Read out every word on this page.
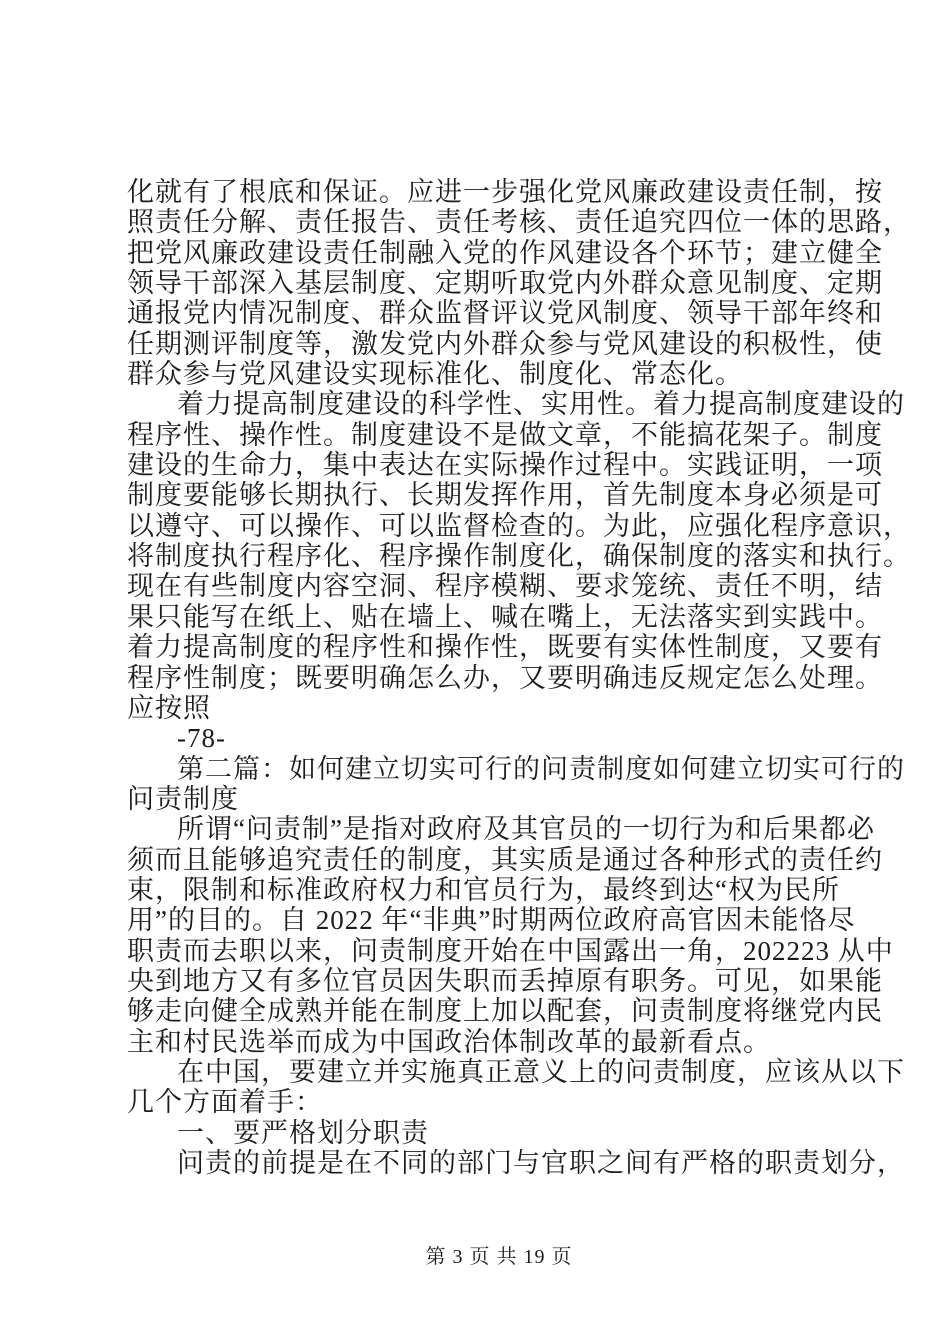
化就有了根底和保证。应进一步强化党风廉政建设责任制，按
照责任分解、责任报告、责任考核、责任追究四位一体的思路，
把党风廉政建设责任制融入党的作风建设各个环节；建立健全
领导干部深入基层制度、定期听取党内外群众意见制度、定期
通报党内情况制度、群众监督评议党风制度、领导干部年终和
任期测评制度等，激发党内外群众参与党风建设的积极性，使
群众参与党风建设实现标准化、制度化、常态化。
着力提高制度建设的科学性、实用性。着力提高制度建设的
程序性、操作性。制度建设不是做文章，不能搞花架子。制度
建设的生命力，集中表达在实际操作过程中。实践证明，一项
制度要能够长期执行、长期发挥作用，首先制度本身必须是可
以遵守、可以操作、可以监督检查的。为此，应强化程序意识，
将制度执行程序化、程序操作制度化，确保制度的落实和执行。
现在有些制度内容空洞、程序模糊、要求笼统、责任不明，结
果只能写在纸上、贴在墙上、喊在嘴上，无法落实到实践中。
着力提高制度的程序性和操作性，既要有实体性制度，又要有
程序性制度；既要明确怎么办，又要明确违反规定怎么处理。
应按照
-78-
第二篇：如何建立切实可行的问责制度如何建立切实可行的
问责制度
所谓“问责制”是指对政府及其官员的一切行为和后果都必
须而且能够追究责任的制度，其实质是通过各种形式的责任约
束，限制和标准政府权力和官员行为，最终到达“权为民所
用”的目的。自 2022 年“非典”时期两位政府高官因未能恪尽
职责而去职以来，问责制度开始在中国露出一角，202223 从中
央到地方又有多位官员因失职而丢掉原有职务。可见，如果能
够走向健全成熟并能在制度上加以配套，问责制度将继党内民
主和村民选举而成为中国政治体制改革的最新看点。
在中国，要建立并实施真正意义上的问责制度，应该从以下
几个方面着手：
一、要严格划分职责
问责的前提是在不同的部门与官职之间有严格的职责划分，
第 3 页 共 19 页
